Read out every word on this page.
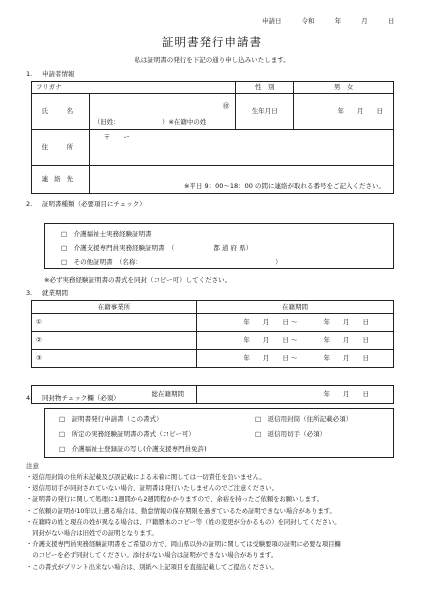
申請日	令和	年	月	日
証明書発行申請書
私は証明書の発行を下記の通り申し込みいたします。
1. 申請者情報
フリガナ		性　別	男　女
氏　名	㊞
（旧姓：　　　　　　　）※在籍中の姓	生年月日	年　　月　　日
住　所	〒　　ー		
連絡先	※平日 9：00～18：00 の間に連絡が取れる番号をご記入ください。		
2. 証明書種類（必要項目にチェック）
□　介護福祉士実務経験証明書
□　介護支援専門員実務経験証明書　（　　　　　　都 道 府 県）
□　その他証明書　（名称：　　　　　　　　　　　　　　　　　　　　　）
※必ず実務経験証明書の書式を同封（コピー可）してください。
3. 就業期間
在籍事業所	在籍期間
①	年　　月　　日 ～　　　　年　　月　　日
②	年　　月　　日 ～　　　　年　　月　　日
③	年　　月　　日 ～　　　　年　　月　　日

総在籍期間	年　　月　　日
4. 同封物チェック欄（必須）
□　証明書発行申請書（この書式）
□　所定の実務経験証明書の書式（コピー可）
□　介護福祉士登録証の写し(介護支援専門員免許)
□　返信用封筒（住所記載必須）
□　返信用切手（必須）
注意
・返信用封筒の住所未記載及び誤記載による未着に関しては一切責任を負いません。
・返信用切手が同封されていない場合、証明書は発行いたしませんのでご注意ください。
・証明書の発行に関して処理に1週間から2週間程かかりますので、余裕を持ったご依頼をお願いします。
・ご依頼の証明が10年以上遡る場合は、勤怠情報の保存期限を過ぎているため証明できない場合があります。
・在籍時の姓と現在の姓が異なる場合は、戸籍謄本のコピー等（姓の変更が分かるもの）を同封してください。
　同封がない場合は旧姓での証明となります。
・介護支援専門員実務経験証明書をご希望の方で、岡山県以外の証明に関しては受験要項の証明に必要な項目欄
　のコピーを必ず同封してください。添付がない場合は証明ができない場合があります。
・この書式がプリント出来ない場合は、別紙へ上記項目を直接記載してご提出ください。
